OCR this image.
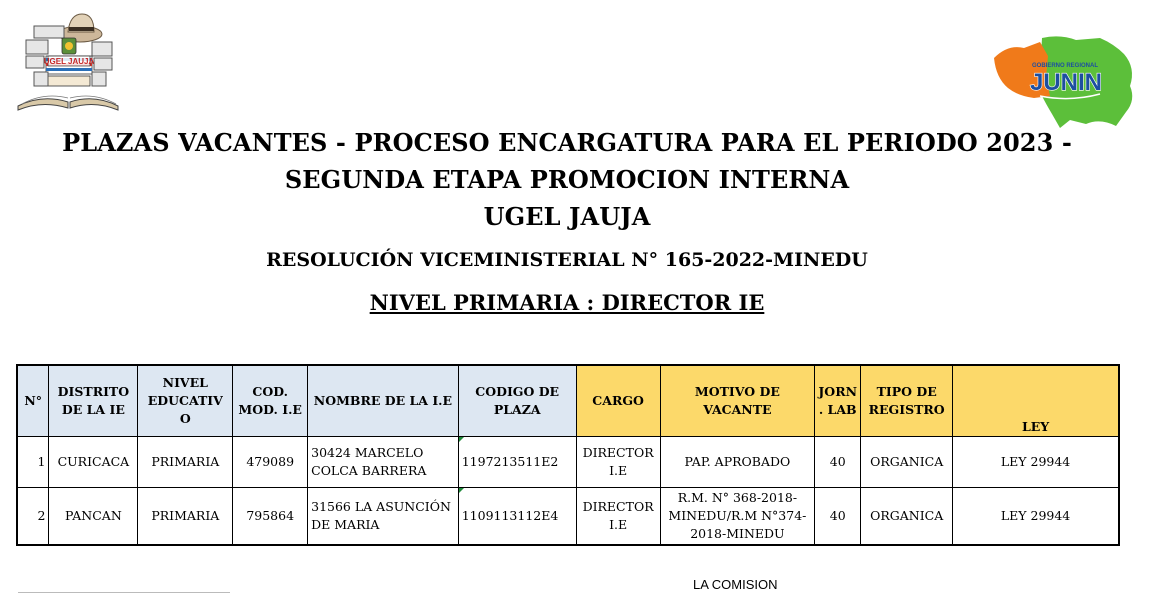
UGEL JAUJA	GOBIERNO REGIONAL
JUNIN
PLAZAS VACANTES - PROCESO ENCARGATURA PARA EL PERIODO 2023 -
SEGUNDA ETAPA PROMOCION INTERNA
UGEL JAUJA
RESOLUCIÓN VICEMINISTERIAL N° 165-2022-MINEDU
NIVEL PRIMARIA : DIRECTOR IE
N°	DISTRITO DE LA IE	NIVEL EDUCATIV O	COD. MOD. I.E	NOMBRE DE LA I.E	CODIGO DE PLAZA	CARGO	MOTIVO DE VACANTE	JORN . LAB	TIPO DE REGISTRO	LEY
1	CURICACA	PRIMARIA	479089	30424 MARCELO COLCA BARRERA	1197213511E2	DIRECTOR I.E	PAP. APROBADO	40	ORGANICA	LEY 29944
2	PANCAN	PRIMARIA	795864	31566 LA ASUNCIÓN DE MARIA	1109113112E4	DIRECTOR I.E	R.M. N° 368-2018-MINEDU/R.M N°374-2018-MINEDU	40	ORGANICA	LEY 29944
LA COMISION
